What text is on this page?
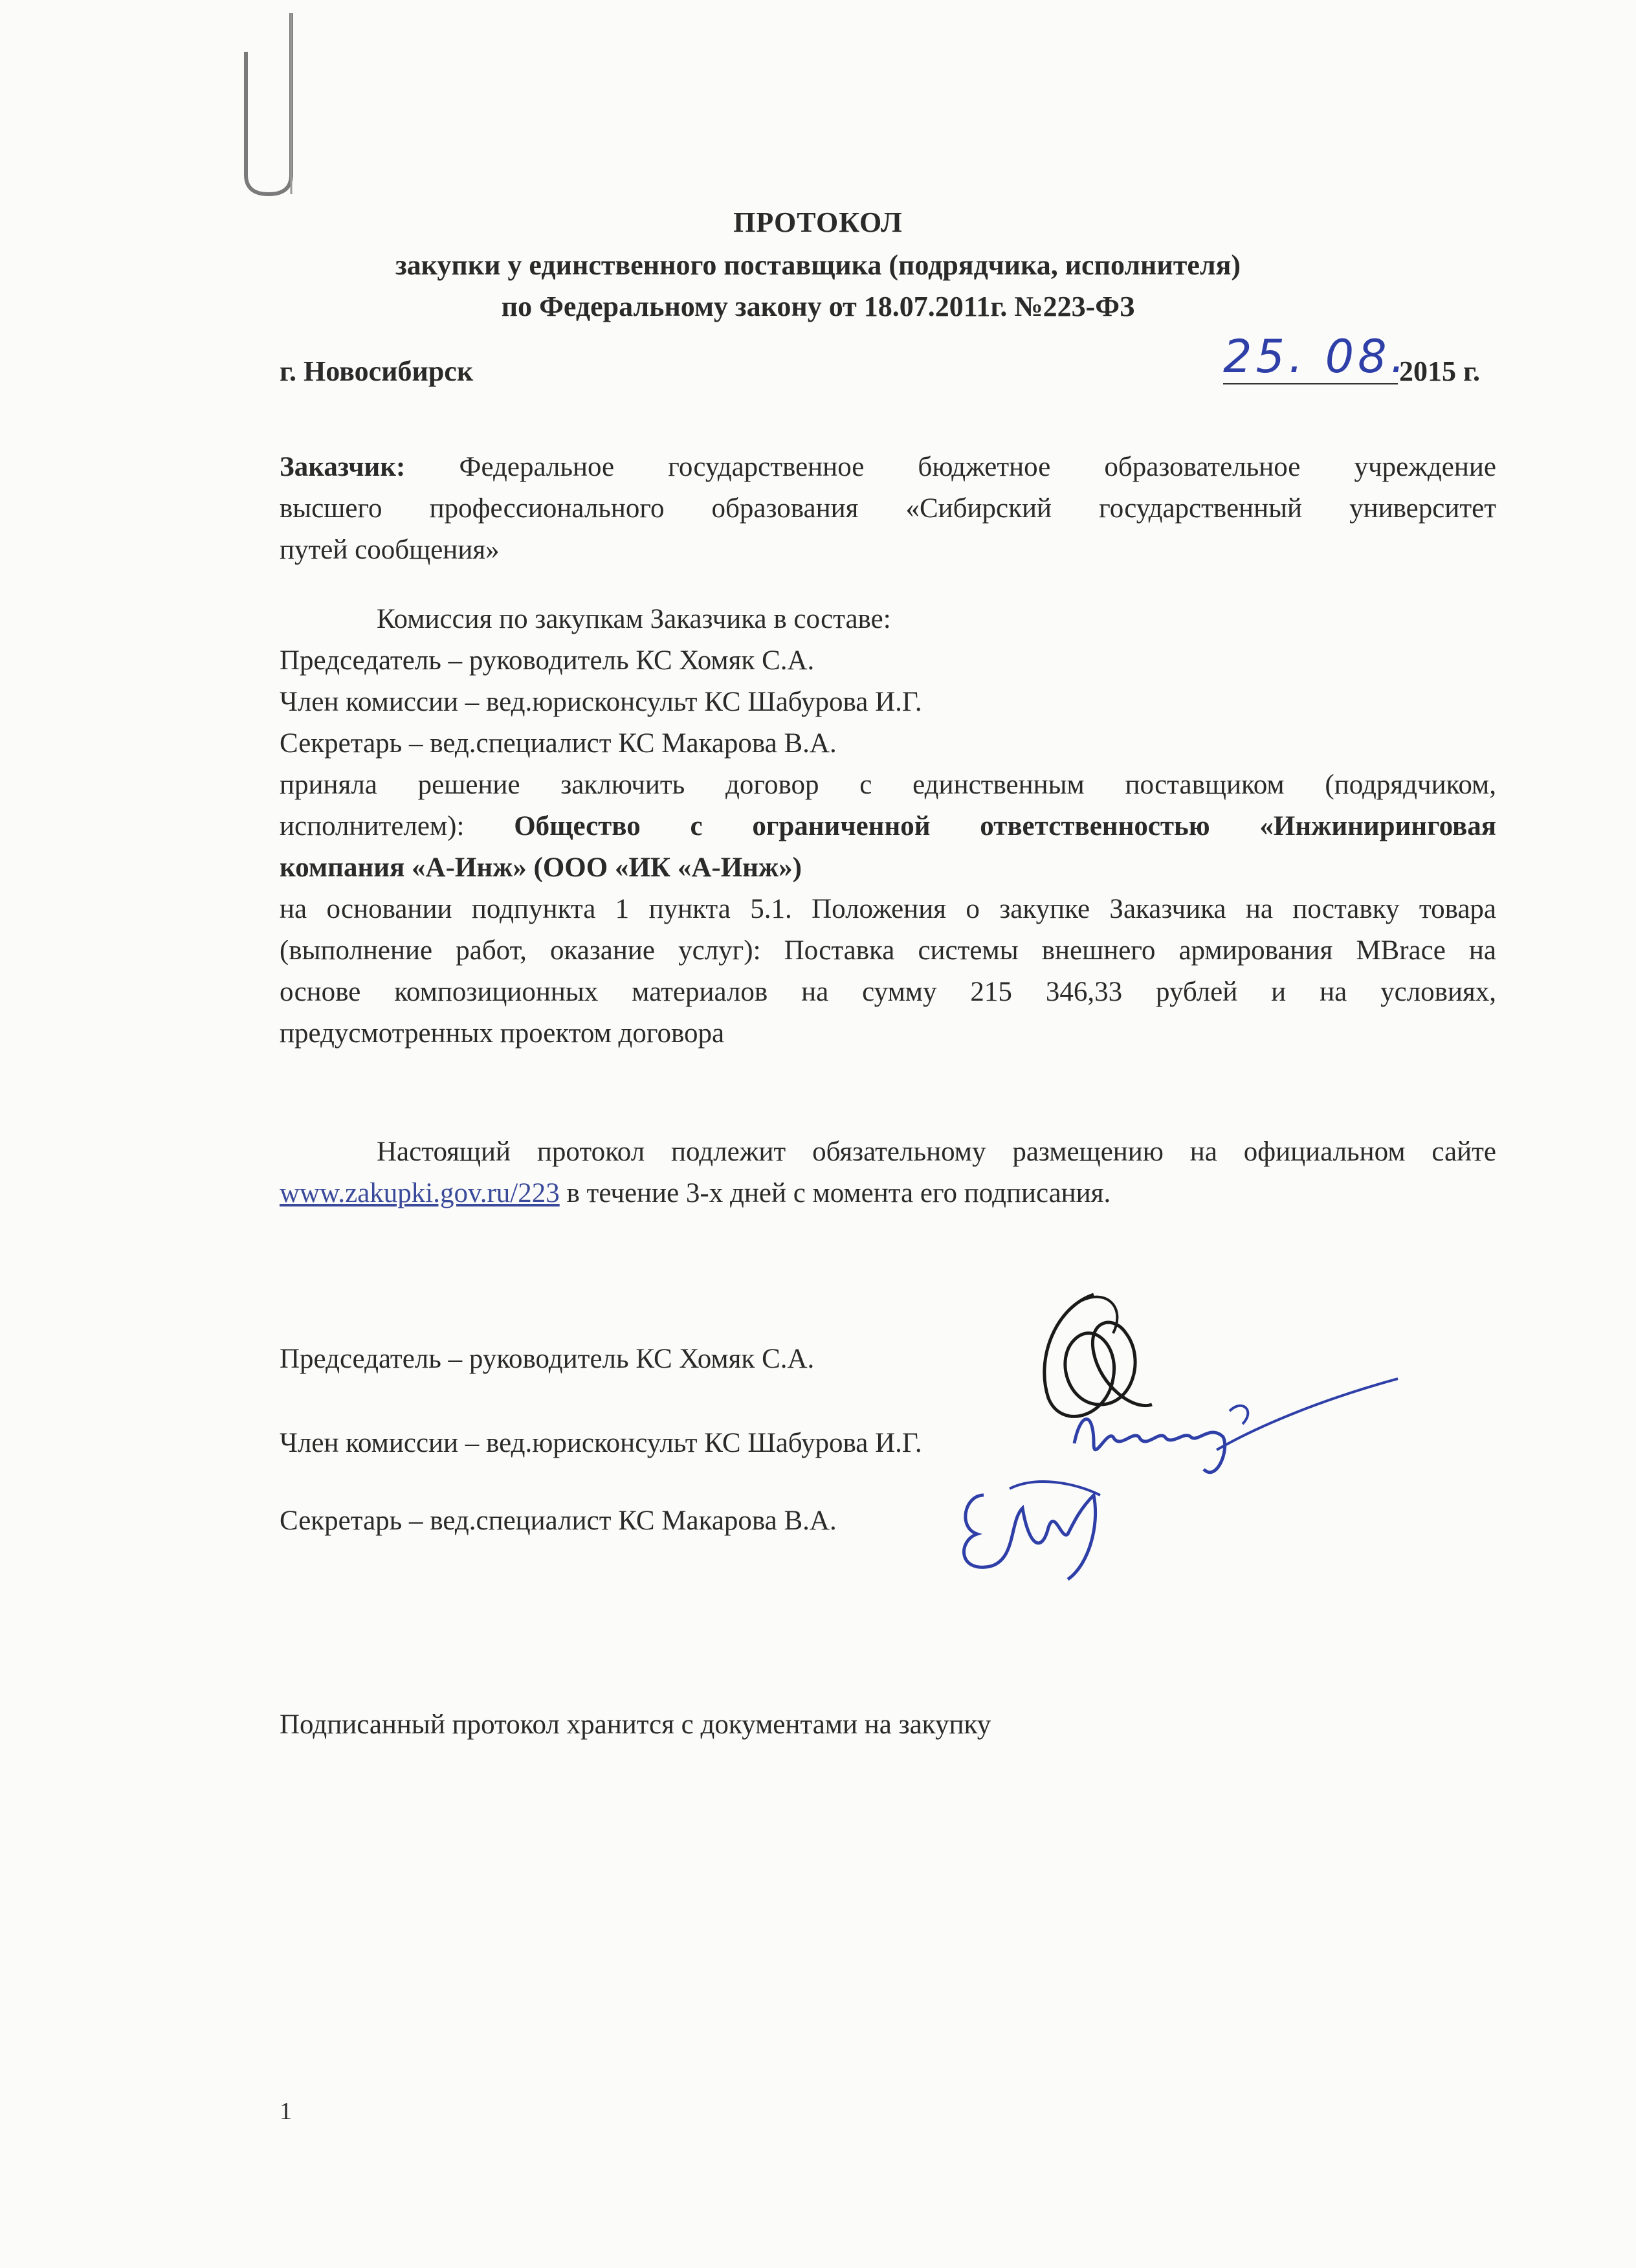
ПРОТОКОЛ
закупки у единственного поставщика (подрядчика, исполнителя)
по Федеральному закону от 18.07.2011г. №223-ФЗ
г. Новосибирск	25. 08.
2015 г.
Заказчик: Федеральное государственное бюджетное образовательное учреждение
высшего профессионального образования «Сибирский государственный университет
путей сообщения»
Комиссия по закупкам Заказчика в составе:
Председатель – руководитель КС Хомяк С.А.
Член комиссии – вед.юрисконсульт КС Шабурова И.Г.
Секретарь – вед.специалист КС Макарова В.А.
приняла решение заключить договор с единственным поставщиком (подрядчиком,
исполнителем): Общество с ограниченной ответственностью «Инжиниринговая
компания «А-Инж» (ООО «ИК «А-Инж»)
на основании подпункта 1 пункта 5.1. Положения о закупке Заказчика на поставку товара
(выполнение работ, оказание услуг): Поставка системы внешнего армирования MBrace на
основе композиционных материалов на сумму 215 346,33 рублей и на условиях,
предусмотренных проектом договора
Настоящий протокол подлежит обязательному размещению на официальном сайте
www.zakupki.gov.ru/223 в течение 3-х дней с момента его подписания.
Председатель – руководитель КС Хомяк С.А.
Член комиссии – вед.юрисконсульт КС Шабурова И.Г.
Секретарь – вед.специалист КС Макарова В.А.
Подписанный протокол хранится с документами на закупку
1
